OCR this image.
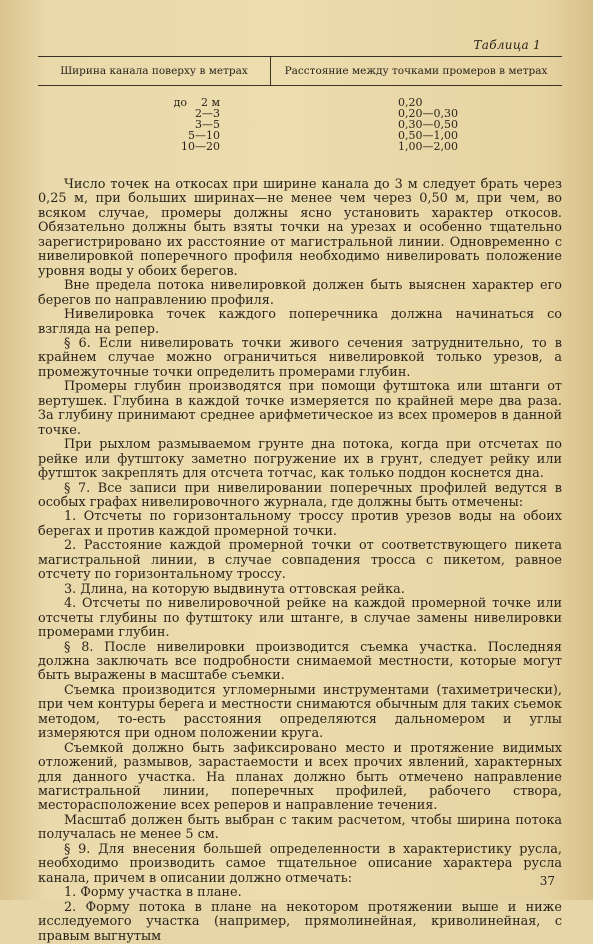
Таблица 1
Ширина канала поверху в метрах	Расстояние между точками промеров в метрах
до    2 м
2—3
3—5
5—10
10—20
0,20
0,20—0,30
0,30—0,50
0,50—1,00
1,00—2,00

Число точек на откосах при ширине канала до 3 м следует брать через 0,25 м, при больших ширинах—не менее чем через 0,50 м, при чем, во всяком случае, промеры должны ясно установить характер откосов. Обязательно должны быть взяты точки на урезах и особенно тщательно зарегистрировано их расстояние от магистральной линии. Одновременно с нивелировкой поперечного профиля необходимо нивелировать положение уровня воды у обоих берегов.

Вне предела потока нивелировкой должен быть выяснен характер его берегов по направлению профиля.

Нивелировка точек каждого поперечника должна начинаться со взгляда на репер.

§ 6. Если нивелировать точки живого сечения затруднительно, то в крайнем случае можно ограничиться нивелировкой только урезов, а промежуточные точки определить промерами глубин.

Промеры глубин производятся при помощи футштока или штанги от вертушек. Глубина в каждой точке измеряется по крайней мере два раза. За глубину принимают среднее арифметическое из всех промеров в данной точке.

При рыхлом размываемом грунте дна потока, когда при отсчетах по рейке или футштоку заметно погружение их в грунт, следует рейку или футшток закреплять для отсчета тотчас, как только поддон коснется дна.

§ 7. Все записи при нивелировании поперечных профилей ведутся в особых графах нивелировочного журнала, где должны быть отмечены:

1. Отсчеты по горизонтальному троссу против урезов воды на обоих берегах и против каждой промерной точки.

2. Расстояние каждой промерной точки от соответствующего пикета магистральной линии, в случае совпадения тросса с пикетом, равное отсчету по горизонтальному троссу.

3. Длина, на которую выдвинута оттовская рейка.

4. Отсчеты по нивелировочной рейке на каждой промерной точке или отсчеты глубины по футштоку или штанге, в случае замены нивелировки промерами глубин.

§ 8. После нивелировки производится съемка участка. Последняя должна заключать все подробности снимаемой местности, которые могут быть выражены в масштабе съемки.

Съемка производится угломерными инструментами (тахиметрически), при чем контуры берега и местности снимаются обычным для таких съемок методом, то-есть расстояния определяются дальномером и углы измеряются при одном положении круга.

Съемкой должно быть зафиксировано место и протяжение видимых отложений, размывов, зарастаемости и всех прочих явлений, характерных для данного участка. На планах должно быть отмечено направление магистральной линии, поперечных профилей, рабочего створа, месторасположение всех реперов и направление течения.

Масштаб должен быть выбран с таким расчетом, чтобы ширина потока получалась не менее 5 см.

§ 9. Для внесения большей определенности в характеристику русла, необходимо производить самое тщательное описание характера русла канала, причем в описании должно отмечать:

1. Форму участка в плане.

2. Форму потока в плане на некотором протяжении выше и ниже исследуемого участка (например, прямолинейная, криволинейная, с правым выгнутым

37
